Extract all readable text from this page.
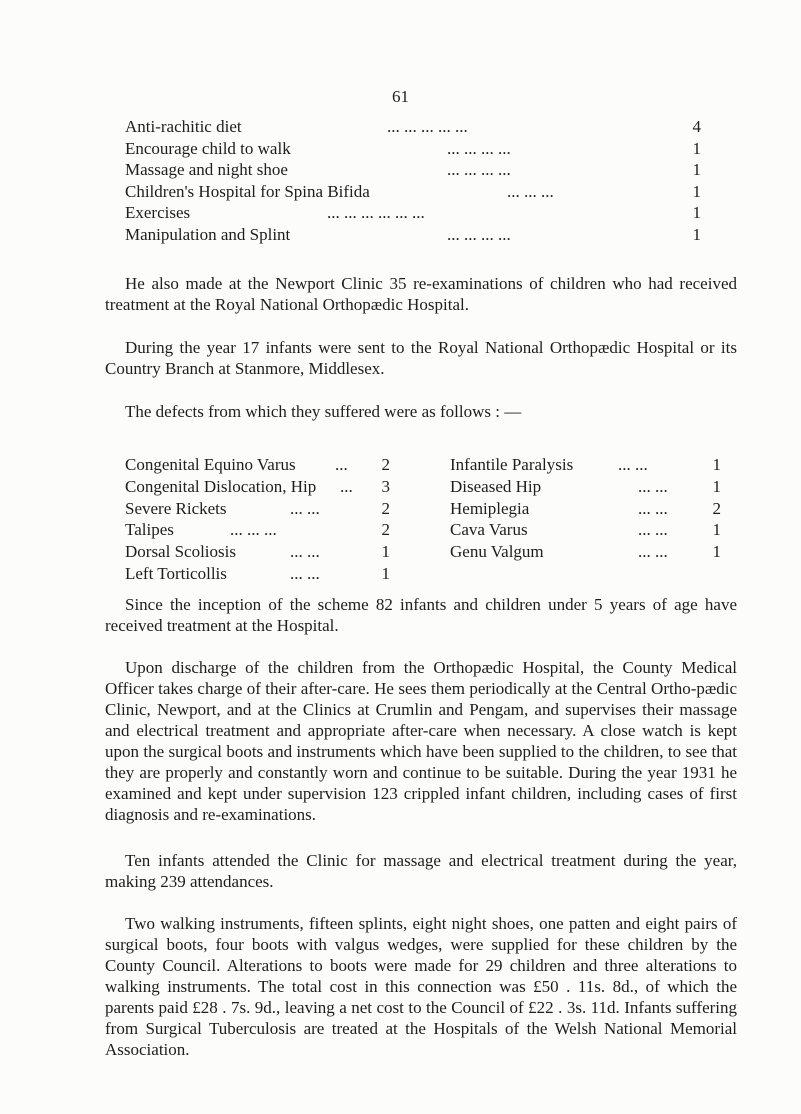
61
Anti-rachitic diet	... ... ... ... ...	4
Encourage child to walk	... ... ... ...	1
Massage and night shoe	... ... ... ...	1
Children's Hospital for Spina Bifida	... ... ...	1
Exercises	... ... ... ... ... ...	1
Manipulation and Splint	... ... ... ...	1

He also made at the Newport Clinic 35 re-examinations of children who had received treatment at the Royal National Orthopædic Hospital.

During the year 17 infants were sent to the Royal National Orthopædic Hospital or its Country Branch at Stanmore, Middlesex.

The defects from which they suffered were as follows : —

Congenital Equino Varus ... 2
Congenital Dislocation, Hip ... 3
Severe Rickets	... ...	2
Talipes	... ... ...	2
Dorsal Scoliosis	... ...	1
Left Torticollis	... ...	1
Infantile Paralysis	... ...	1
Diseased Hip	... ...	1
Hemiplegia	... ...	2
Cava Varus	... ...	1
Genu Valgum	... ...	1

Since the inception of the scheme 82 infants and children under 5 years of age have received treatment at the Hospital.

Upon discharge of the children from the Orthopædic Hospital, the County Medical Officer takes charge of their after-care. He sees them periodically at the Central Ortho-pædic Clinic, Newport, and at the Clinics at Crumlin and Pengam, and supervises their massage and electrical treatment and appropriate after-care when necessary. A close watch is kept upon the surgical boots and instruments which have been supplied to the children, to see that they are properly and constantly worn and continue to be suitable. During the year 1931 he examined and kept under supervision 123 crippled infant children, including cases of first diagnosis and re-examinations.

Ten infants attended the Clinic for massage and electrical treatment during the year, making 239 attendances.

Two walking instruments, fifteen splints, eight night shoes, one patten and eight pairs of surgical boots, four boots with valgus wedges, were supplied for these children by the County Council. Alterations to boots were made for 29 children and three alterations to walking instruments. The total cost in this connection was £50 . 11s. 8d., of which the parents paid £28 . 7s. 9d., leaving a net cost to the Council of £22 . 3s. 11d. Infants suffering from Surgical Tuberculosis are treated at the Hospitals of the Welsh National Memorial Association.
